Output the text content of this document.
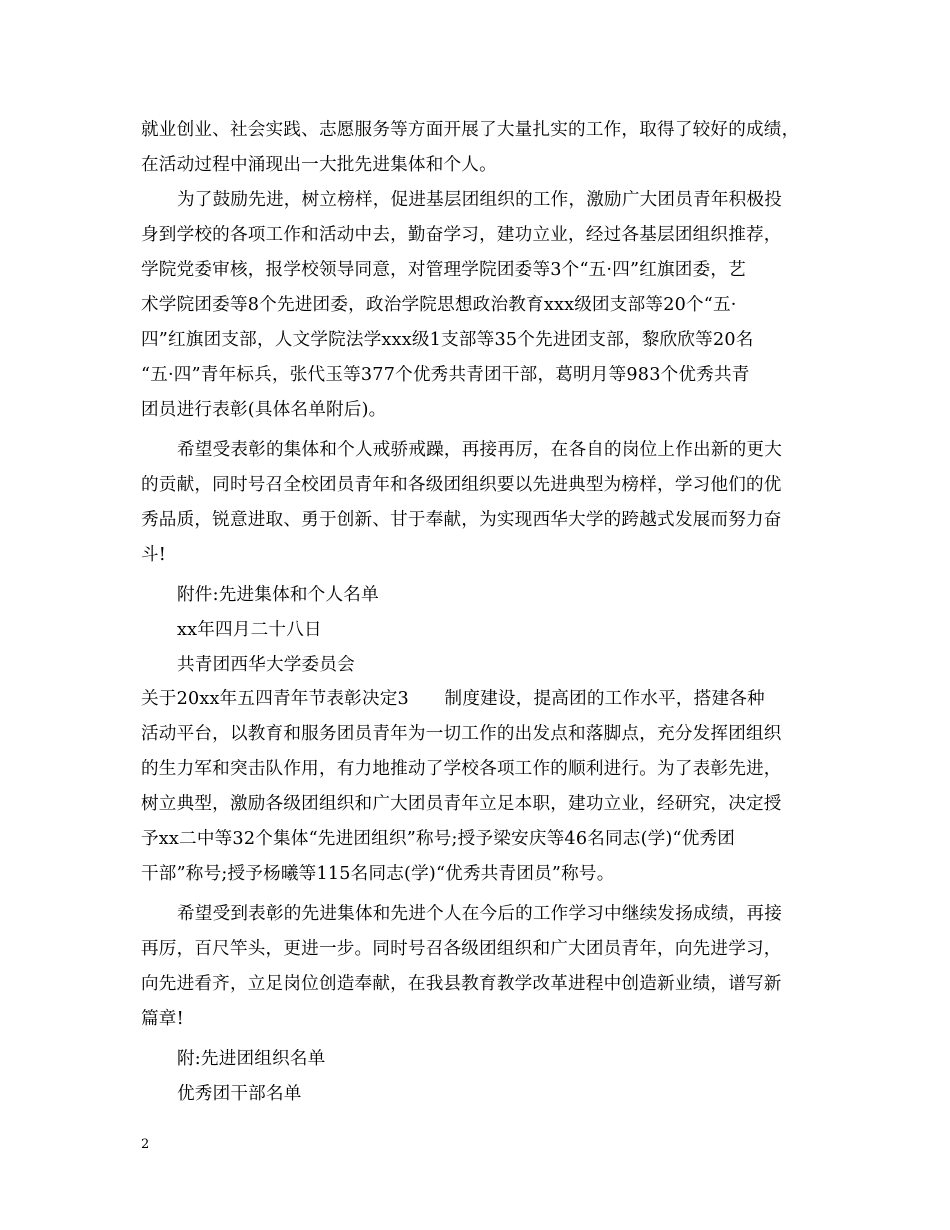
就业创业、社会实践、志愿服务等方面开展了大量扎实的工作，取得了较好的成绩，
在活动过程中涌现出一大批先进集体和个人。
为了鼓励先进，树立榜样，促进基层团组织的工作，激励广大团员青年积极投
身到学校的各项工作和活动中去，勤奋学习，建功立业，经过各基层团组织推荐，
学院党委审核，报学校领导同意，对管理学院团委等3个“五·四”红旗团委，艺
术学院团委等8个先进团委，政治学院思想政治教育xxx级团支部等20个“五·
四”红旗团支部，人文学院法学xxx级1支部等35个先进团支部，黎欣欣等20名
“五·四”青年标兵，张代玉等377个优秀共青团干部，葛明月等983个优秀共青
团员进行表彰(具体名单附后)。
希望受表彰的集体和个人戒骄戒躁，再接再厉，在各自的岗位上作出新的更大
的贡献，同时号召全校团员青年和各级团组织要以先进典型为榜样，学习他们的优
秀品质，锐意进取、勇于创新、甘于奉献，为实现西华大学的跨越式发展而努力奋
斗!
附件:先进集体和个人名单
xx年四月二十八日
共青团西华大学委员会
关于20xx年五四青年节表彰决定3　　制度建设，提高团的工作水平，搭建各种
活动平台，以教育和服务团员青年为一切工作的出发点和落脚点，充分发挥团组织
的生力军和突击队作用，有力地推动了学校各项工作的顺利进行。为了表彰先进，
树立典型，激励各级团组织和广大团员青年立足本职，建功立业，经研究，决定授
予xx二中等32个集体“先进团组织”称号;授予梁安庆等46名同志(学)“优秀团
干部”称号;授予杨曦等115名同志(学)“优秀共青团员”称号。
希望受到表彰的先进集体和先进个人在今后的工作学习中继续发扬成绩，再接
再厉，百尺竿头，更进一步。同时号召各级团组织和广大团员青年，向先进学习，
向先进看齐，立足岗位创造奉献，在我县教育教学改革进程中创造新业绩，谱写新
篇章!
附:先进团组织名单
优秀团干部名单
2
